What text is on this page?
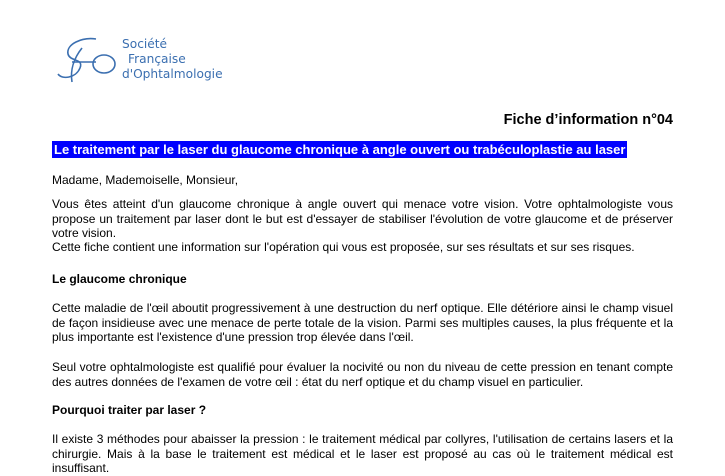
Société
Française
d'Ophtalmologie
Fiche d’information n°04
Le traitement par le laser du glaucome chronique à angle ouvert ou trabéculoplastie au laser

Madame, Mademoiselle, Monsieur,

Vous êtes atteint d'un glaucome chronique à angle ouvert qui menace votre vision. Votre ophtalmologiste vous propose un traitement par laser dont le but est d'essayer de stabiliser l'évolution de votre glaucome et de préserver votre vision.

Cette fiche contient une information sur l'opération qui vous est proposée, sur ses résultats et sur ses risques.

Le glaucome chronique

Cette maladie de l'œil aboutit progressivement à une destruction du nerf optique. Elle détériore ainsi le champ visuel de façon insidieuse avec une menace de perte totale de la vision. Parmi ses multiples causes, la plus fréquente et la plus importante est l'existence d'une pression trop élevée dans l'œil.

Seul votre ophtalmologiste est qualifié pour évaluer la nocivité ou non du niveau de cette pression en tenant compte des autres données de l'examen de votre œil : état du nerf optique et du champ visuel en particulier.

Pourquoi traiter par laser ?

Il existe 3 méthodes pour abaisser la pression : le traitement médical par collyres, l'utilisation de certains lasers et la chirurgie. Mais à la base le traitement est médical et le laser est proposé au cas où le traitement médical est insuffisant.
